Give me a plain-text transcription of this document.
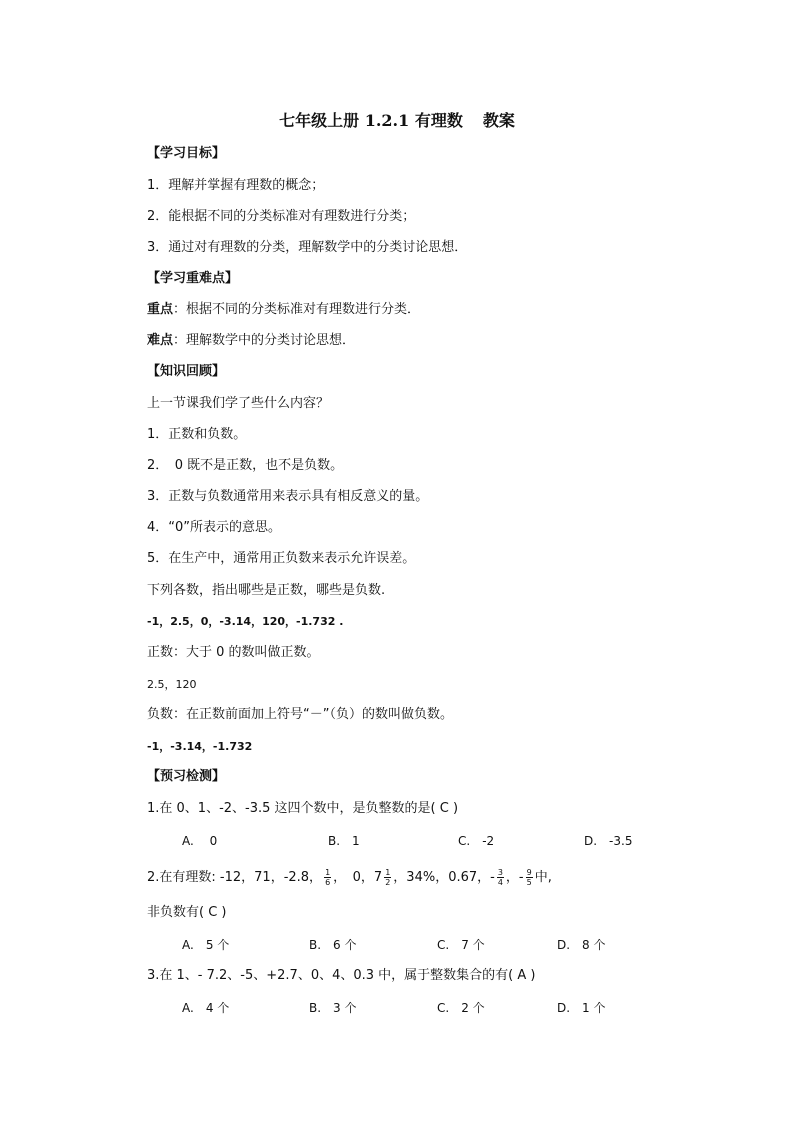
七年级上册 1.2.1 有理数 教案
【学习目标】
1．理解并掌握有理数的概念；
2．能根据不同的分类标准对有理数进行分类；
3．通过对有理数的分类，理解数学中的分类讨论思想．
【学习重难点】
重点：根据不同的分类标准对有理数进行分类．
难点：理解数学中的分类讨论思想．
【知识回顾】
上一节课我们学了些什么内容？
1．正数和负数。
2．　0 既不是正数，也不是负数。
3．正数与负数通常用来表示具有相反意义的量。
4．“0”所表示的意思。
5．在生产中，通常用正负数来表示允许误差。
下列各数，指出哪些是正数，哪些是负数.
-1，2.5，0，-3.14，120，-1.732 .
正数：大于 0 的数叫做正数。
2.5，120
负数：在正数前面加上符号“－”（负）的数叫做负数。
-1，-3.14，-1.732
【预习检测】
1.在 0、1、-2、-3.5 这四个数中，是负整数的是( C )
A.　 0	B.　1	C.　-2	D.　-3.5
2.在有理数: -12，71，-2.8， $\frac{1}{6}$ ，　0，$7 \frac{1}{2}$ ，34%，0.67，- $\frac{3}{4}$ ，- $\frac{9}{5}$ 中,
非负数有( C )
A.　5 个	B.　6 个	C.　7 个	D.　8 个
3.在 1、- 7.2、-5、+2.7、0、4、0.3 中，属于整数集合的有( A )
A.　4 个	B.　3 个	C.　2 个	D.　1 个
